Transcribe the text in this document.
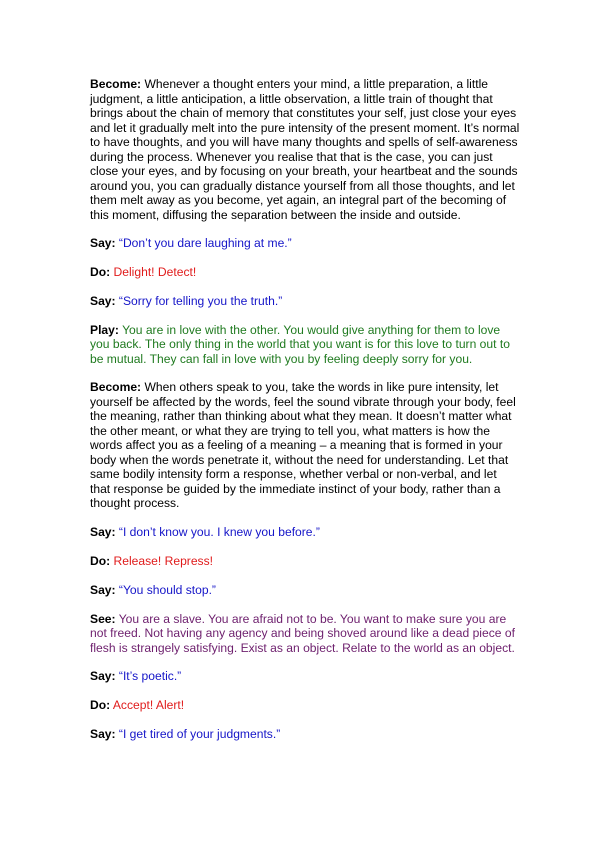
Become: Whenever a thought enters your mind, a little preparation, a little judgment, a little anticipation, a little observation, a little train of thought that brings about the chain of memory that constitutes your self, just close your eyes and let it gradually melt into the pure intensity of the present moment. It’s normal to have thoughts, and you will have many thoughts and spells of self-awareness during the process. Whenever you realise that that is the case, you can just close your eyes, and by focusing on your breath, your heartbeat and the sounds around you, you can gradually distance yourself from all those thoughts, and let them melt away as you become, yet again, an integral part of the becoming of this moment, diffusing the separation between the inside and outside.

Say: “Don’t you dare laughing at me.”

Do: Delight! Detect!

Say: “Sorry for telling you the truth.”

Play: You are in love with the other. You would give anything for them to love you back. The only thing in the world that you want is for this love to turn out to be mutual. They can fall in love with you by feeling deeply sorry for you.

Become: When others speak to you, take the words in like pure intensity, let yourself be affected by the words, feel the sound vibrate through your body, feel the meaning, rather than thinking about what they mean. It doesn’t matter what the other meant, or what they are trying to tell you, what matters is how the words affect you as a feeling of a meaning – a meaning that is formed in your body when the words penetrate it, without the need for understanding. Let that same bodily intensity form a response, whether verbal or non-verbal, and let that response be guided by the immediate instinct of your body, rather than a thought process.

Say: “I don’t know you. I knew you before.”

Do: Release! Repress!

Say: “You should stop.”

See: You are a slave. You are afraid not to be. You want to make sure you are not freed. Not having any agency and being shoved around like a dead piece of flesh is strangely satisfying. Exist as an object. Relate to the world as an object.

Say: “It’s poetic.”

Do: Accept! Alert!

Say: “I get tired of your judgments.”
